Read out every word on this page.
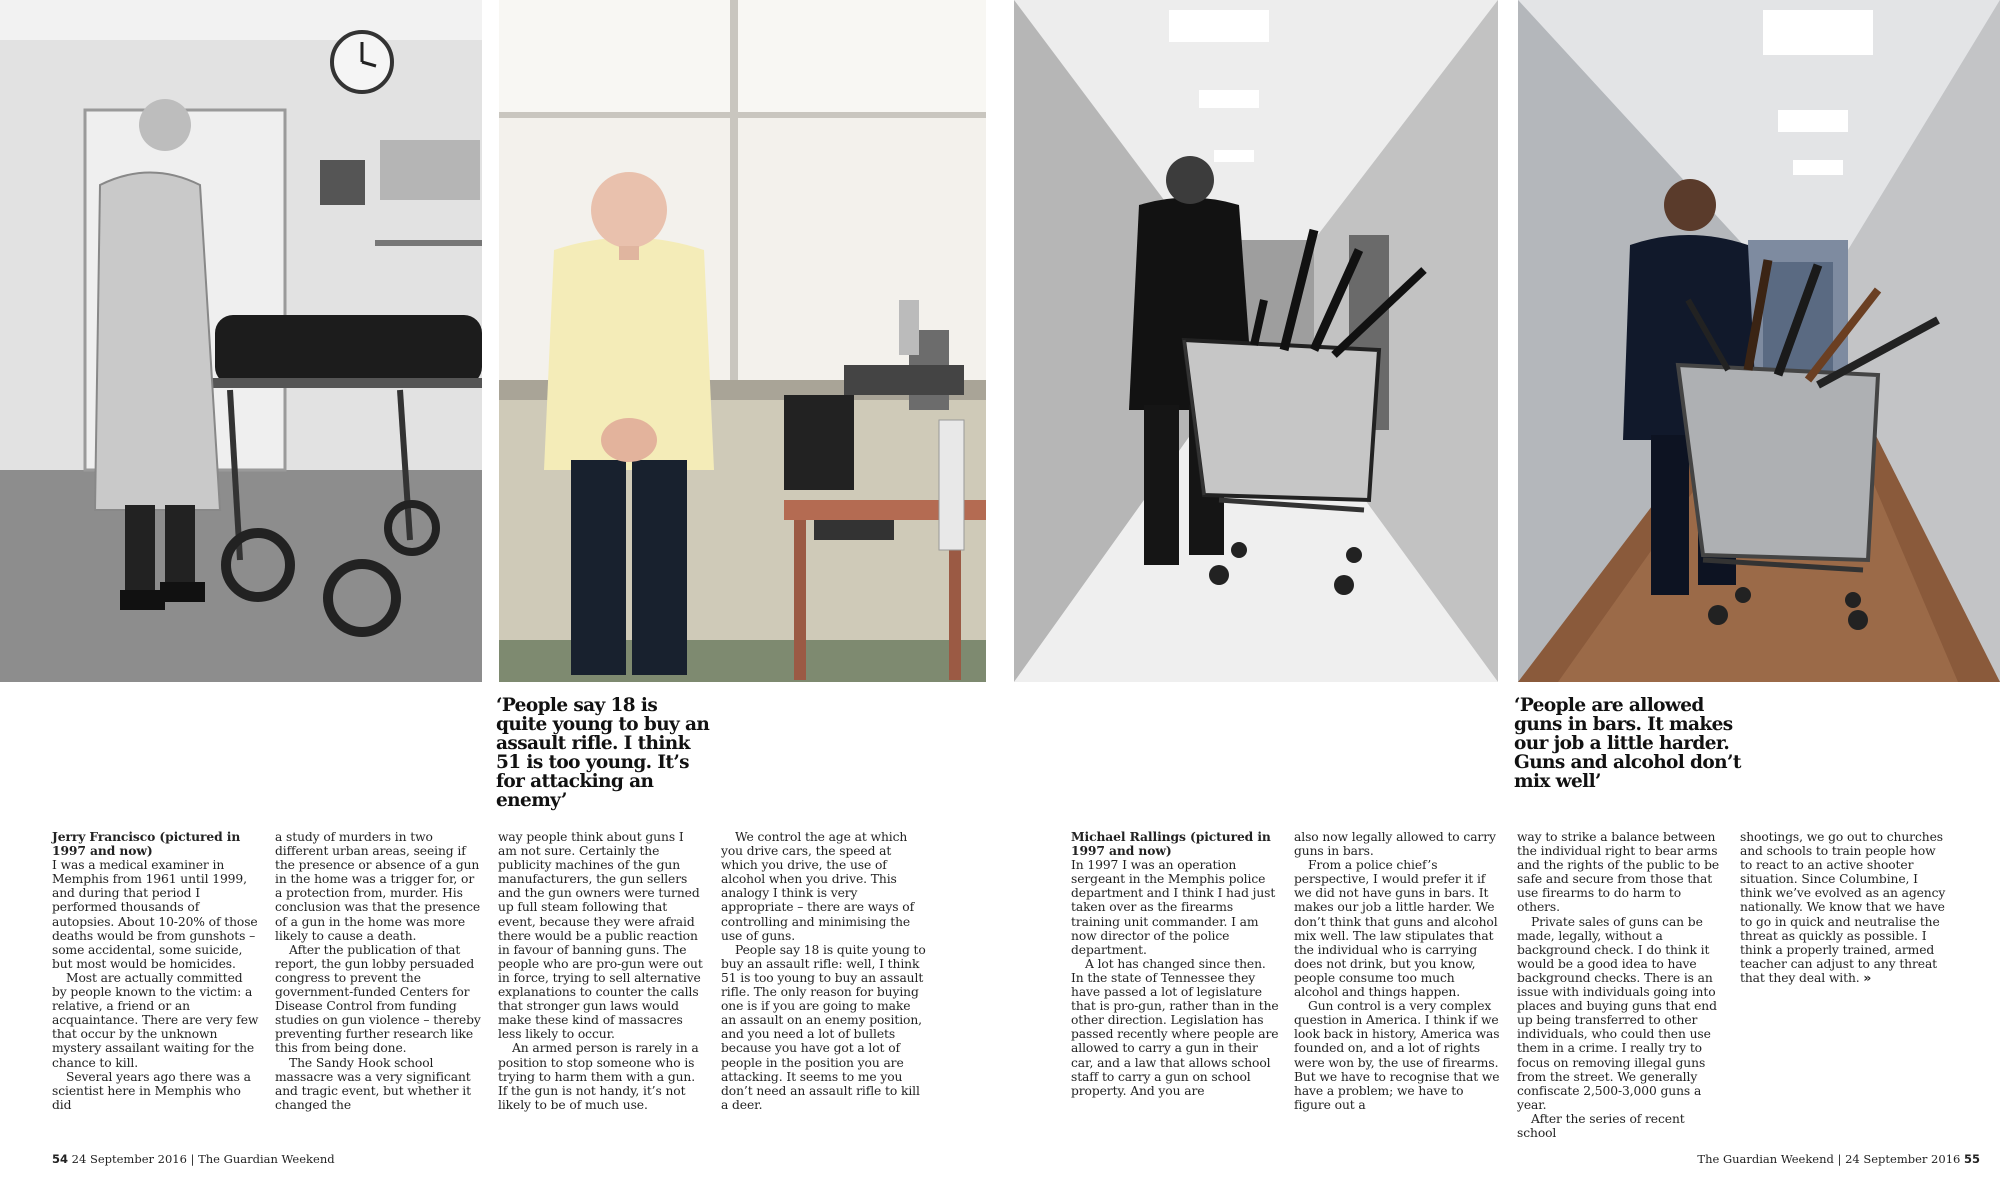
‘People say 18 is quite young to buy an assault rifle. I think 51 is too young. It’s for attacking an enemy’

‘People are allowed guns in bars. It makes our job a little harder. Guns and alcohol don’t mix well’

Jerry Francisco (pictured in 1997 and now)
I was a medical examiner in Memphis from 1961 until 1999, and during that period I performed thousands of autopsies. About 10-20% of those deaths would be from gunshots – some accidental, some suicide, but most would be homicides.

Most are actually committed by people known to the victim: a relative, a friend or an acquaintance. There are very few that occur by the unknown mystery assailant waiting for the chance to kill.

Several years ago there was a scientist here in Memphis who did

a study of murders in two different urban areas, seeing if the presence or absence of a gun in the home was a trigger for, or a protection from, murder. His conclusion was that the presence of a gun in the home was more likely to cause a death.

After the publication of that report, the gun lobby persuaded congress to prevent the government-funded Centers for Disease Control from funding studies on gun violence – thereby preventing further research like this from being done.

The Sandy Hook school massacre was a very significant and tragic event, but whether it changed the

way people think about guns I am not sure. Certainly the publicity machines of the gun manufacturers, the gun sellers and the gun owners were turned up full steam following that event, because they were afraid there would be a public reaction in favour of banning guns. The people who are pro-gun were out in force, trying to sell alternative explanations to counter the calls that stronger gun laws would make these kind of massacres less likely to occur.

An armed person is rarely in a position to stop someone who is trying to harm them with a gun. If the gun is not handy, it’s not likely to be of much use.

We control the age at which you drive cars, the speed at which you drive, the use of alcohol when you drive. This analogy I think is very appropriate – there are ways of controlling and minimising the use of guns.

People say 18 is quite young to buy an assault rifle: well, I think 51 is too young to buy an assault rifle. The only reason for buying one is if you are going to make an assault on an enemy position, and you need a lot of bullets because you have got a lot of people in the position you are attacking. It seems to me you don’t need an assault rifle to kill a deer.

Michael Rallings (pictured in 1997 and now)
In 1997 I was an operation sergeant in the Memphis police department and I think I had just taken over as the firearms training unit commander. I am now director of the police department.

A lot has changed since then. In the state of Tennessee they have passed a lot of legislature that is pro-gun, rather than in the other direction. Legislation has passed recently where people are allowed to carry a gun in their car, and a law that allows school staff to carry a gun on school property. And you are

also now legally allowed to carry guns in bars.

From a police chief’s perspective, I would prefer it if we did not have guns in bars. It makes our job a little harder. We don’t think that guns and alcohol mix well. The law stipulates that the individual who is carrying does not drink, but you know, people consume too much alcohol and things happen.

Gun control is a very complex question in America. I think if we look back in history, America was founded on, and a lot of rights were won by, the use of firearms. But we have to recognise that we have a problem; we have to figure out a

way to strike a balance between the individual right to bear arms and the rights of the public to be safe and secure from those that use firearms to do harm to others.

Private sales of guns can be made, legally, without a background check. I do think it would be a good idea to have background checks. There is an issue with individuals going into places and buying guns that end up being transferred to other individuals, who could then use them in a crime. I really try to focus on removing illegal guns from the street. We generally confiscate 2,500-3,000 guns a year.

After the series of recent school

shootings, we go out to churches and schools to train people how to react to an active shooter situation. Since Columbine, I think we’ve evolved as an agency nationally. We know that we have to go in quick and neutralise the threat as quickly as possible. I think a properly trained, armed teacher can adjust to any threat that they deal with. »

54 24 September 2016 | The Guardian Weekend	The Guardian Weekend | 24 September 2016 55
